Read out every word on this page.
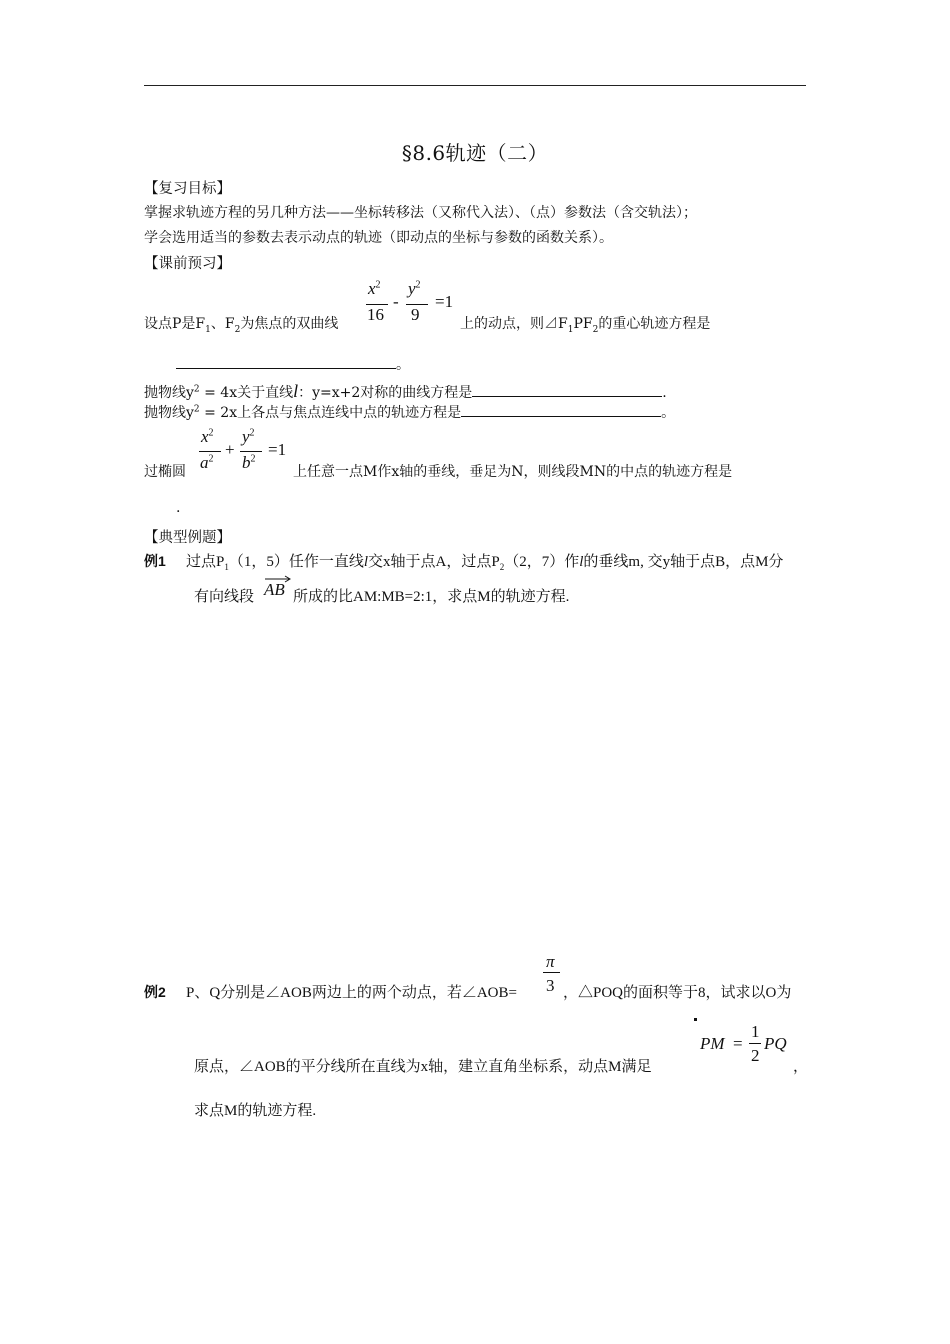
§8.6轨迹（二）
【复习目标】
掌握求轨迹方程的另几种方法——坐标转移法（又称代入法）、（点）参数法（含交轨法）；
学会选用适当的参数去表示动点的轨迹（即动点的坐标与参数的函数关系）。
【课前预习】
$x^2$
16
-
$y^2$
9
=1
设点P是$F_1$、$F_2$为焦点的双曲线	上的动点，则$⊿F_1PF_2$的重心轨迹方程是
。
抛物线$y^2 = 4x$关于直线l：y=x+2对称的曲线方程是	.
抛物线$y^2 = 2x$上各点与焦点连线中点的轨迹方程是	。
$x^2$
$a^2$ +
$y^2$
$b^2 =1$
过椭圆	上任意一点M作x轴的垂线，垂足为N，则线段MN的中点的轨迹方程是
.
【典型例题】
例1 过点$P_1(1$，5）任作一直线l交x轴于点A，过点$P_2(2$，7）作l的垂线m, 交y轴于点B，点M分
有向线段 AB 所成的比AM:MB=2:1，求点M的轨迹方程.
π
3
例2 P、Q分别是∠AOB两边上的两个动点，若∠AOB=	，△POQ的面积等于8，试求以O为
PM =
1
2
PQ
原点，∠AOB的平分线所在直线为x轴，建立直角坐标系，动点M满足	，
求点M的轨迹方程.
